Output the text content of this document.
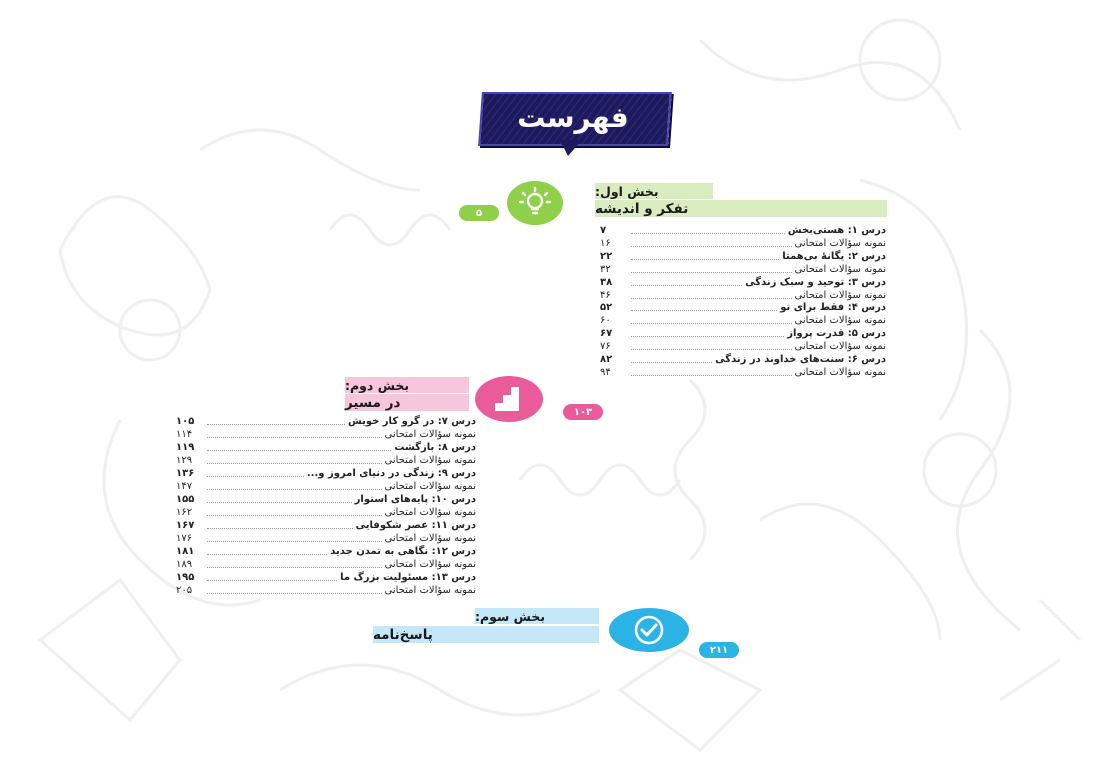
فهرست
بخش اول:
تفکر و اندیشه
۵
درس ۱: هستی‌بخش
۷
نمونه سؤالات امتحانی
۱۶
درس ۲: یگانهٔ بی‌همتا
۲۲
نمونه سؤالات امتحانی
۳۲
درس ۳: توحید و سبک زندگی
۳۸
نمونه سؤالات امتحانی
۴۶
درس ۴: فقط برای تو
۵۲
نمونه سؤالات امتحانی
۶۰
درس ۵: قدرت پرواز
۶۷
نمونه سؤالات امتحانی
۷۶
درس ۶: سنت‌های خداوند در زندگی
۸۲
نمونه سؤالات امتحانی
۹۴
بخش دوم:
در مسیر
۱۰۳
درس ۷: در گرو کار خویش
۱۰۵
نمونه سؤالات امتحانی
۱۱۴
درس ۸: بازگشت
۱۱۹
نمونه سؤالات امتحانی
۱۲۹
درس ۹: زندگی در دنیای امروز و...
۱۳۶
نمونه سؤالات امتحانی
۱۴۷
درس ۱۰: پایه‌های استوار
۱۵۵
نمونه سؤالات امتحانی
۱۶۲
درس ۱۱: عصر شکوفایی
۱۶۷
نمونه سؤالات امتحانی
۱۷۶
درس ۱۲: نگاهی به تمدن جدید
۱۸۱
نمونه سؤالات امتحانی
۱۸۹
درس ۱۳: مسئولیت بزرگ ما
۱۹۵
نمونه سؤالات امتحانی
۲۰۵
بخش سوم:
پاسخ‌نامه
۲۱۱
